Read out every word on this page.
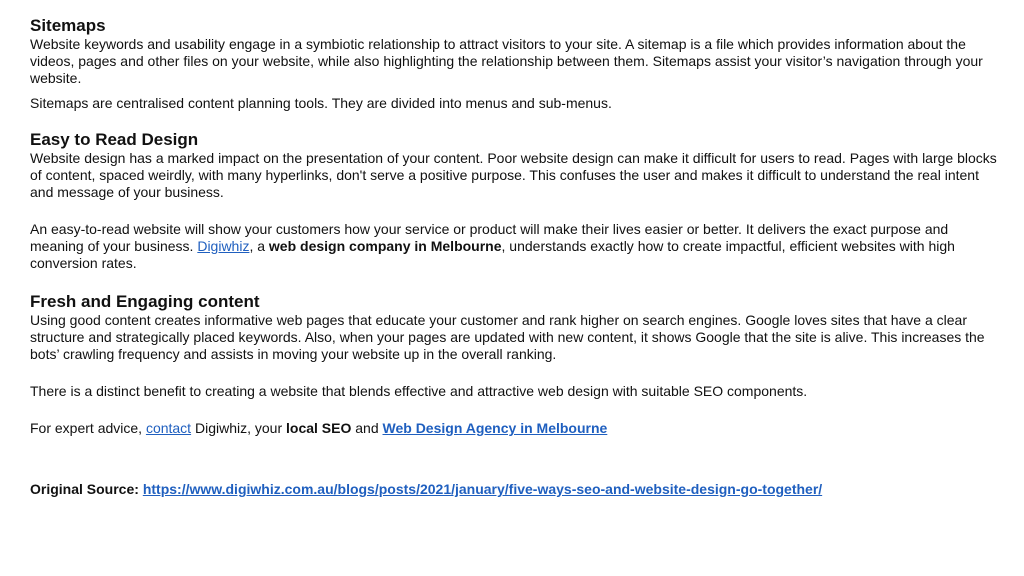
Sitemaps

Website keywords and usability engage in a symbiotic relationship to attract visitors to your site. A sitemap is a file which provides information about the videos, pages and other files on your website, while also highlighting the relationship between them. Sitemaps assist your visitor’s navigation through your website.

Sitemaps are centralised content planning tools. They are divided into menus and sub-menus.

Easy to Read Design

Website design has a marked impact on the presentation of your content. Poor website design can make it difficult for users to read. Pages with large blocks of content, spaced weirdly, with many hyperlinks, don't serve a positive purpose. This confuses the user and makes it difficult to understand the real intent and message of your business.

An easy-to-read website will show your customers how your service or product will make their lives easier or better. It delivers the exact purpose and meaning of your business. Digiwhiz, a web design company in Melbourne, understands exactly how to create impactful, efficient websites with high conversion rates.

Fresh and Engaging content

Using good content creates informative web pages that educate your customer and rank higher on search engines. Google loves sites that have a clear structure and strategically placed keywords. Also, when your pages are updated with new content, it shows Google that the site is alive. This increases the bots’ crawling frequency and assists in moving your website up in the overall ranking.

There is a distinct benefit to creating a website that blends effective and attractive web design with suitable SEO components.

For expert advice, contact Digiwhiz, your local SEO and Web Design Agency in Melbourne

Original Source: https://www.digiwhiz.com.au/blogs/posts/2021/january/five-ways-seo-and-website-design-go-together/
